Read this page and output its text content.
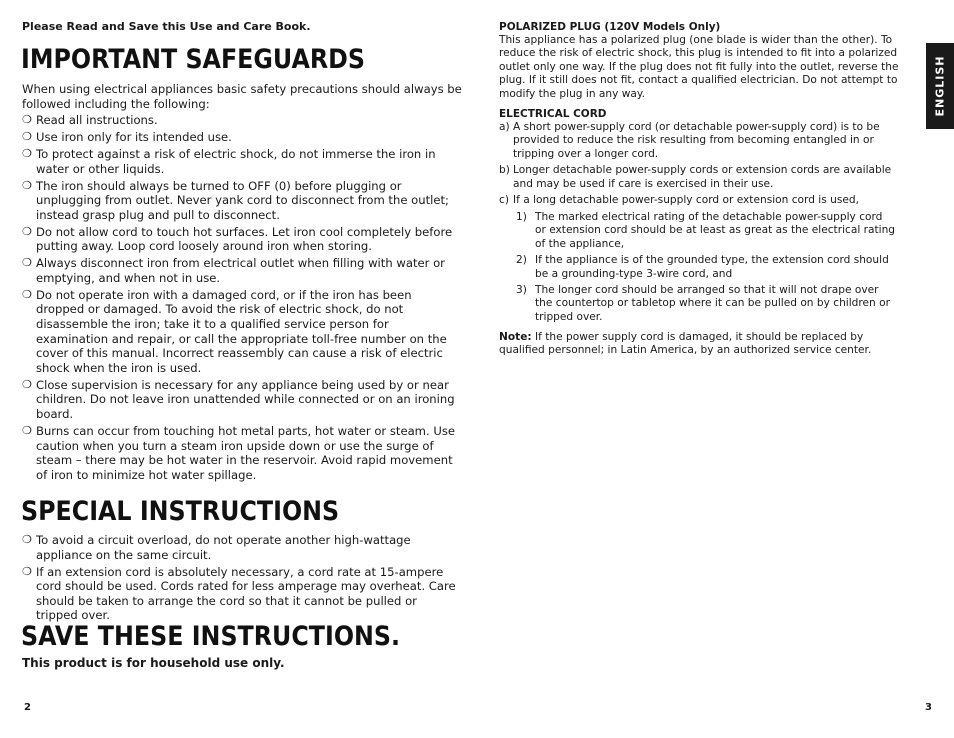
Please Read and Save this Use and Care Book.
IMPORTANT SAFEGUARDS
When using electrical appliances basic safety precautions should always be followed including the following:
❍ Read all instructions.
❍ Use iron only for its intended use.
❍ To protect against a risk of electric shock, do not immerse the iron in water or other liquids.
❍ The iron should always be turned to OFF (0) before plugging or unplugging from outlet. Never yank cord to disconnect from the outlet; instead grasp plug and pull to disconnect.
❍ Do not allow cord to touch hot surfaces. Let iron cool completely before putting away. Loop cord loosely around iron when storing.
❍ Always disconnect iron from electrical outlet when filling with water or emptying, and when not in use.
❍ Do not operate iron with a damaged cord, or if the iron has been dropped or damaged. To avoid the risk of electric shock, do not disassemble the iron; take it to a qualified service person for examination and repair, or call the appropriate toll-free number on the cover of this manual. Incorrect reassembly can cause a risk of electric shock when the iron is used.
❍ Close supervision is necessary for any appliance being used by or near children. Do not leave iron unattended while connected or on an ironing board.
❍ Burns can occur from touching hot metal parts, hot water or steam. Use caution when you turn a steam iron upside down or use the surge of steam – there may be hot water in the reservoir. Avoid rapid movement of iron to minimize hot water spillage.
SPECIAL INSTRUCTIONS
❍ To avoid a circuit overload, do not operate another high-wattage appliance on the same circuit.
❍ If an extension cord is absolutely necessary, a cord rate at 15-ampere cord should be used. Cords rated for less amperage may overheat. Care should be taken to arrange the cord so that it cannot be pulled or tripped over.
SAVE THESE INSTRUCTIONS.
This product is for household use only.
2
POLARIZED PLUG (120V Models Only)
This appliance has a polarized plug (one blade is wider than the other). To reduce the risk of electric shock, this plug is intended to fit into a polarized outlet only one way. If the plug does not fit fully into the outlet, reverse the plug. If it still does not fit, contact a qualified electrician. Do not attempt to modify the plug in any way.
ELECTRICAL CORD
a) A short power-supply cord (or detachable power-supply cord) is to be provided to reduce the risk resulting from becoming entangled in or tripping over a longer cord.
b) Longer detachable power-supply cords or extension cords are available and may be used if care is exercised in their use.
c) If a long detachable power-supply cord or extension cord is used,
1) The marked electrical rating of the detachable power-supply cord or extension cord should be at least as great as the electrical rating of the appliance,
2) If the appliance is of the grounded type, the extension cord should be a grounding-type 3-wire cord, and
3) The longer cord should be arranged so that it will not drape over the countertop or tabletop where it can be pulled on by children or tripped over.
Note: If the power supply cord is damaged, it should be replaced by qualified personnel; in Latin America, by an authorized service center.
ENGLISH
3
